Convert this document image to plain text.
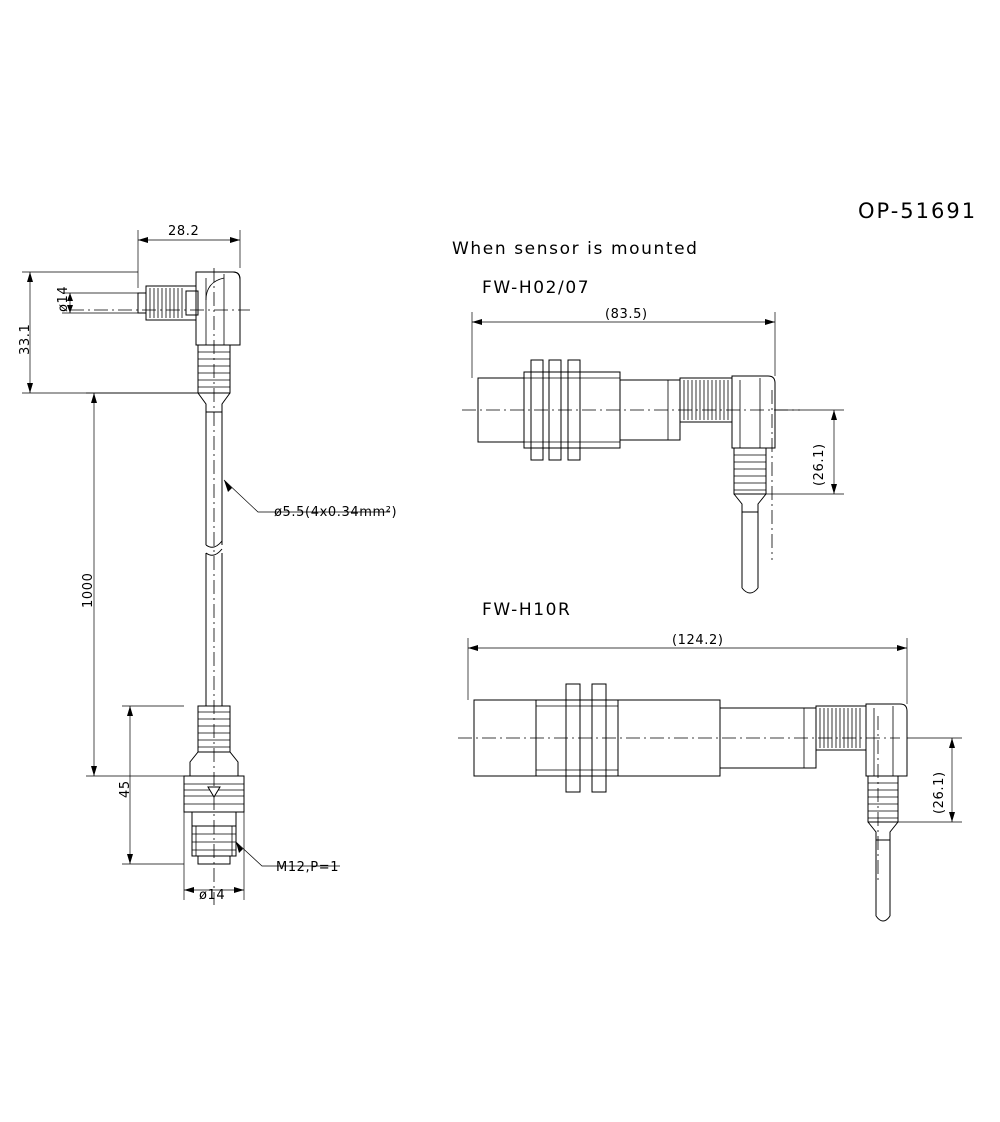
OP-51691
When sensor is mounted
FW-H02/07
FW-H10R
28.2
33.1
ø14
1000
ø5.5(4x0.34mm²)
45
M12,P=1
ø14
(83.5)
(26.1)
(124.2)
(26.1)
